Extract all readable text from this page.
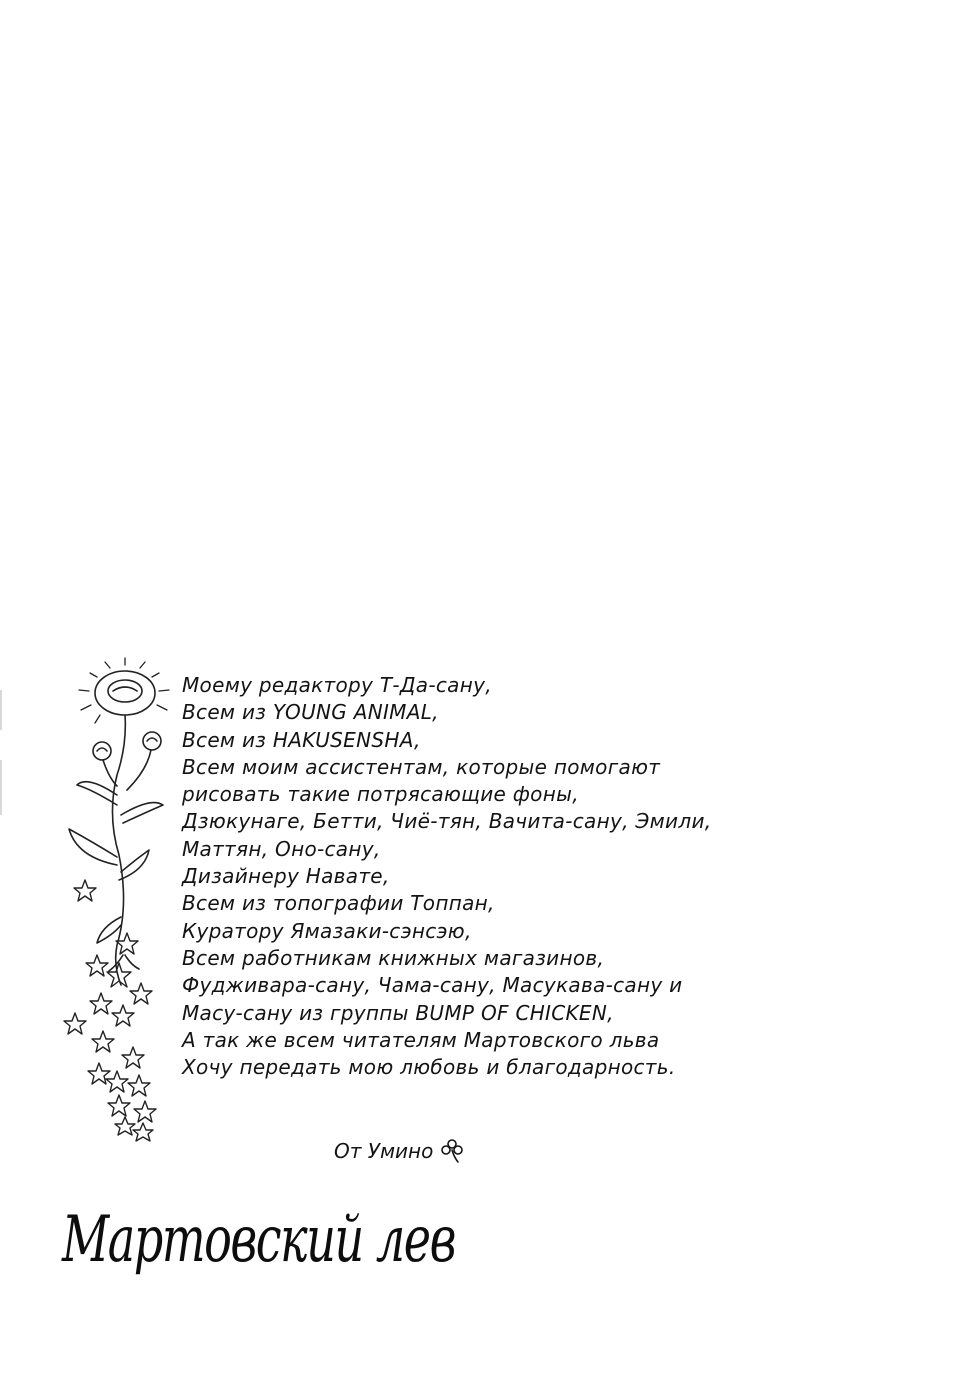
Моему редактору Т-Да-сану,
Всем из YOUNG ANIMAL,
Всем из HAKUSENSHA,
Всем моим ассистентам, которые помогают
рисовать такие потрясающие фоны,
Дзюкунаге, Бетти, Чиё-тян, Вачита-сану, Эмили,
Маттян, Оно-сану,
Дизайнеру Навате,
Всем из топографии Топпан,
Куратору Ямазаки-сэнсэю,
Всем работникам книжных магазинов,
Фудживара-сану, Чама-сану, Масукава-сану и
Масу-сану из группы BUMP OF CHICKEN,
А так же всем читателям Мартовского льва
Хочу передать мою любовь и благодарность.
От Умино
Мартовский лев
